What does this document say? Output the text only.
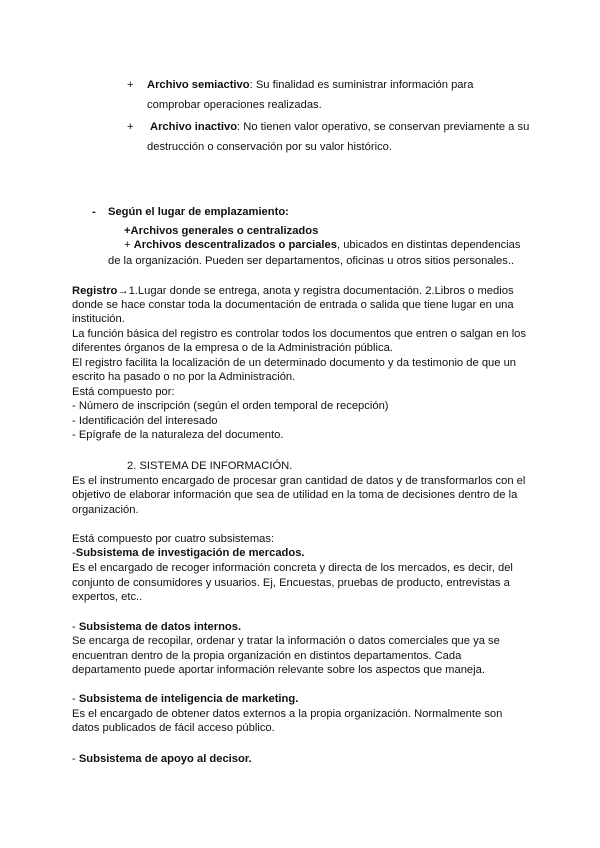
+ Archivo semiactivo: Su finalidad es suministrar información para
comprobar operaciones realizadas.
+ Archivo inactivo: No tienen valor operativo, se conservan previamente a su
destrucción o conservación por su valor histórico.
- Según el lugar de emplazamiento:
+Archivos generales o centralizados
+ Archivos descentralizados o parciales, ubicados en distintas dependencias
de la organización. Pueden ser departamentos, oficinas u otros sitios personales..
Registro→1.Lugar donde se entrega, anota y registra documentación. 2.Libros o medios
donde se hace constar toda la documentación de entrada o salida que tiene lugar en una
institución.
La función básica del registro es controlar todos los documentos que entren o salgan en los
diferentes órganos de la empresa o de la Administración pública.
El registro facilita la localización de un determinado documento y da testimonio de que un
escrito ha pasado o no por la Administración.
Está compuesto por:
- Número de inscripción (según el orden temporal de recepción)
- Identificación del interesado
- Epígrafe de la naturaleza del documento.
2. SISTEMA DE INFORMACIÓN.
Es el instrumento encargado de procesar gran cantidad de datos y de transformarlos con el
objetivo de elaborar información que sea de utilidad en la toma de decisiones dentro de la
organización.
Está compuesto por cuatro subsistemas:
-Subsistema de investigación de mercados.
Es el encargado de recoger información concreta y directa de los mercados, es decir, del
conjunto de consumidores y usuarios. Ej, Encuestas, pruebas de producto, entrevistas a
expertos, etc..
- Subsistema de datos internos.
Se encarga de recopilar, ordenar y tratar la información o datos comerciales que ya se
encuentran dentro de la propia organización en distintos departamentos. Cada
departamento puede aportar información relevante sobre los aspectos que maneja.
- Subsistema de inteligencia de marketing.
Es el encargado de obtener datos externos a la propia organización. Normalmente son
datos publicados de fácil acceso público.
- Subsistema de apoyo al decisor.
